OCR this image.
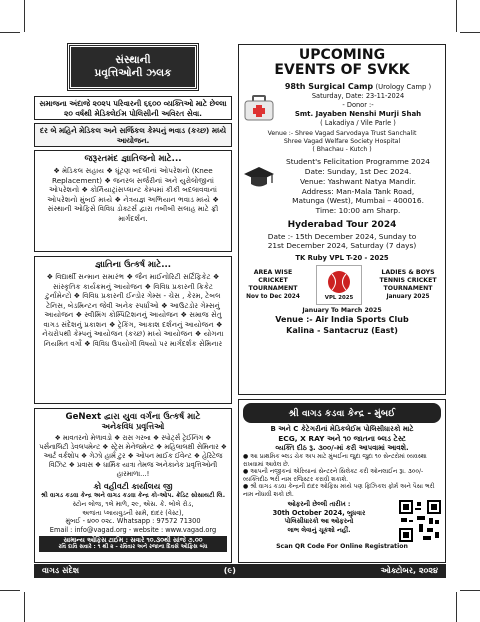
સંસ્થાની
પ્રવૃત્તિઓની ઝલક
સમાજના અંદાજે ૨૦૨૫ પરિવારની ૬૬૦૦ વ્યક્તિઓ માટે છેલ્લા ૨૦ વર્ષથી મેડિક્લેઈમ પોલિસીની અવિરત સેવા.
દર બે મહિને મેડિકલ અને સર્જિકલ કેમ્પનું ભવાડ (કચ્છ) મધ્યે આયોજન.
જરૂરતમંદ જ્ઞાતિજનો માટે...
❖ મેડિકલ સહાય ❖ ઘૂંટણ બદલીનાં ઓપરેશનો (Knee Replacement) ❖ જનરલ સર્જરીનાં અને યુરોલોજીનાં ઓપરેશનો ❖ કોર્નિયાટ્રાંસપ્લાન્ટ કેમ્પમાં કીકી બદલાવવાનાં ઓપરેશનો મુંબઈ મધ્યે ❖ નેત્રયજ્ઞ અભિયાન ભવાડ મધ્યે ❖ સંસ્થાની ઓફિસે વિવિધ ડોક્ટર્સ દ્વારા તબીબી સલાહ માટે ફ્રી માર્ગદર્શન.
જ્ઞાતિના ઉત્કર્ષ માટે...
❖ વિદ્યાર્થી સન્માન સમારંભ ❖ જૈન માઈનોરિટી સર્ટિફિકેટ ❖ સાંસ્કૃતિક કાર્યક્રમનું આયોજન ❖ વિવિધ પ્રકારની ક્રિકેટ ટુર્નામેન્ટો ❖ વિવિધ પ્રકારની ઈન્ડોર ગેમ્સ - ચેસ , કેરમ, ટેબલ ટેનિસ, બેડમિન્ટન જેવી અનેક સ્પર્ધાઓ ❖ આઉટડોર ગેમ્સનું આયોજન ❖ સ્વીમિંગ કોમ્પિટિશનનું આયોજન ❖ સમાજ સેતુ વાગડ સંદેશનું પ્રકાશન ❖ ટ્રેકિંગ, આકાશ દર્શનનું આયોજન ❖ નેચરોપથી કેમ્પનું આયોજન (કચ્છ) મધ્યે આયોજન ❖ યોગના નિયમિત વર્ગો ❖ વિવિધ ઉપયોગી વિષયો પર માર્ગદર્શક સેમિનાર
GeNext દ્વારા યુવા વર્ગના ઉત્કર્ષ માટે
અનેકવિધ પ્રવૃત્તિઓ
❖ માવતરનો મેળાવડો ❖ રાસ ગરબા ❖ સ્પોર્ટ્સ ટ્રેઈનિંગ ❖ પર્સનાલિટી ડેવલપમેન્ટ ❖ સ્ટ્રેસ મેનેજમેન્ટ ❖ મહિલાલક્ષી સેમિનાર ❖ આર્ટ વર્કશોપ ❖ ગેઝો હાર્મ ટુર ❖ ઓપન માઈક ઈવેન્ટ ❖ હેરિટેજ વિઝિટ ❖ પ્રવાસ ❖ ધાર્મિક યાત્રા તેમજ અનેકાનેક પ્રવૃત્તિઓની હારમાળા...!
કો વહીવટી કાર્યાલય જી
શ્રી વાગડ કડવા કેન્દ્ર અને વાગડ કડવા કેન્દ્ર કો-ઓપ. ક્રેડિટ સોસાયટી લિ.
સ્ટોન લોજ, ૧લે માળે, ૨૯, એસ. કે. બોલે રોડ,
અજંતા પ્લાયવુડની સામે, દાદર (વેસ્ટ),
મુંબઈ - ૪૦૦ ૦૨૮. Whatsapp : 97572 71300
Email : info@vagad.org - website : www.vagad.org
સામાન્ય ઓફિસ ટાઈમ : સવારે ૧૦.૩૦થી સાંજે ૭.૦૦
રવિ દાવિ સવારે : ૧ થી ૨ - રવિવાર અને રજાના દિવસે ઓફિસ બંધ
UPCOMING
EVENTS OF SVKK
98th Surgical Camp (Urology Camp )
Saturday, Date: 23-11-2024
- Donor :-
Smt. Jayaben Nenshi Murji Shah
( Lakadiya / Vile Parle )
Venue :- Shree Vagad Sarvodaya Trust Sanchalit
Shree Vagad Welfare Society Hospital
( Bhachau - Kutch )
Student's Felicitation Programme 2024
Date: Sunday, 1st Dec 2024.
Venue: Yashwant Natya Mandir.
Address: Man-Mala Tank Road,
Matunga (West), Mumbai – 400016.
Time: 10:00 am Sharp.
Hyderabad Tour 2024
Date :- 15th December 2024, Sunday to
21st December 2024, Saturday (7 days)
TK Ruby VPL T-20 - 2025
AREA WISE
CRICKET
TOURNAMENT
Nov to Dec 2024	VPL 2025
LADIES & BOYS
TENNIS CRICKET
TOURNAMENT
January 2025
January To March 2025
Venue :- Air India Sports Club
Kalina - Santacruz (East)
શ્રી વાગડ કડવા કેન્દ્ર - મુંબઈ
B અને C કેટેગરીનાં મેડિકલેઈમ પોલિસીધારકો માટે
ECG, X RAY અને ૧૦ જાતના બ્લડ ટેસ્ટ
વ્યક્તિ દીઠ રૂ. ૩૦૦/-માં કરી આપવામાં આવશે.
● આ પ્રાથમિક બ્લડ ચેક અપ માટે મુંબઈના જુદા જુદા ૧૦ સેન્ટરોમાં વ્યવસ્થા રાખવામાં આવેલ છે.
● આપની નજીકનાં એરિયાનાં સેન્ટરને સિલેક્ટ કરી ઓનલાઈન રૂા. ૩૦૦/- વ્યક્તિદીઠ ભરી નામ રજિસ્ટર કરાવી શકાશે.
● શ્રી વાગડ કડવા કેન્દ્રની દાદર ઓફિસ મધ્યે પણ ફિઝિકલ ફોર્મ અને પૈસા ભરી નામ નોંધાવી શકો છો.
ઓફરની છેલ્લી તારીખ :
30th October 2024, બુધવાર
પોલિસીધારકો આ ઓફરનો
લાભ લેવાનું ચૂકશો નહીં.
Scan QR Code For Online Registration
વાગડ સંદેશ	(૯)	ઓક્ટોબર, ૨૦૨૪
